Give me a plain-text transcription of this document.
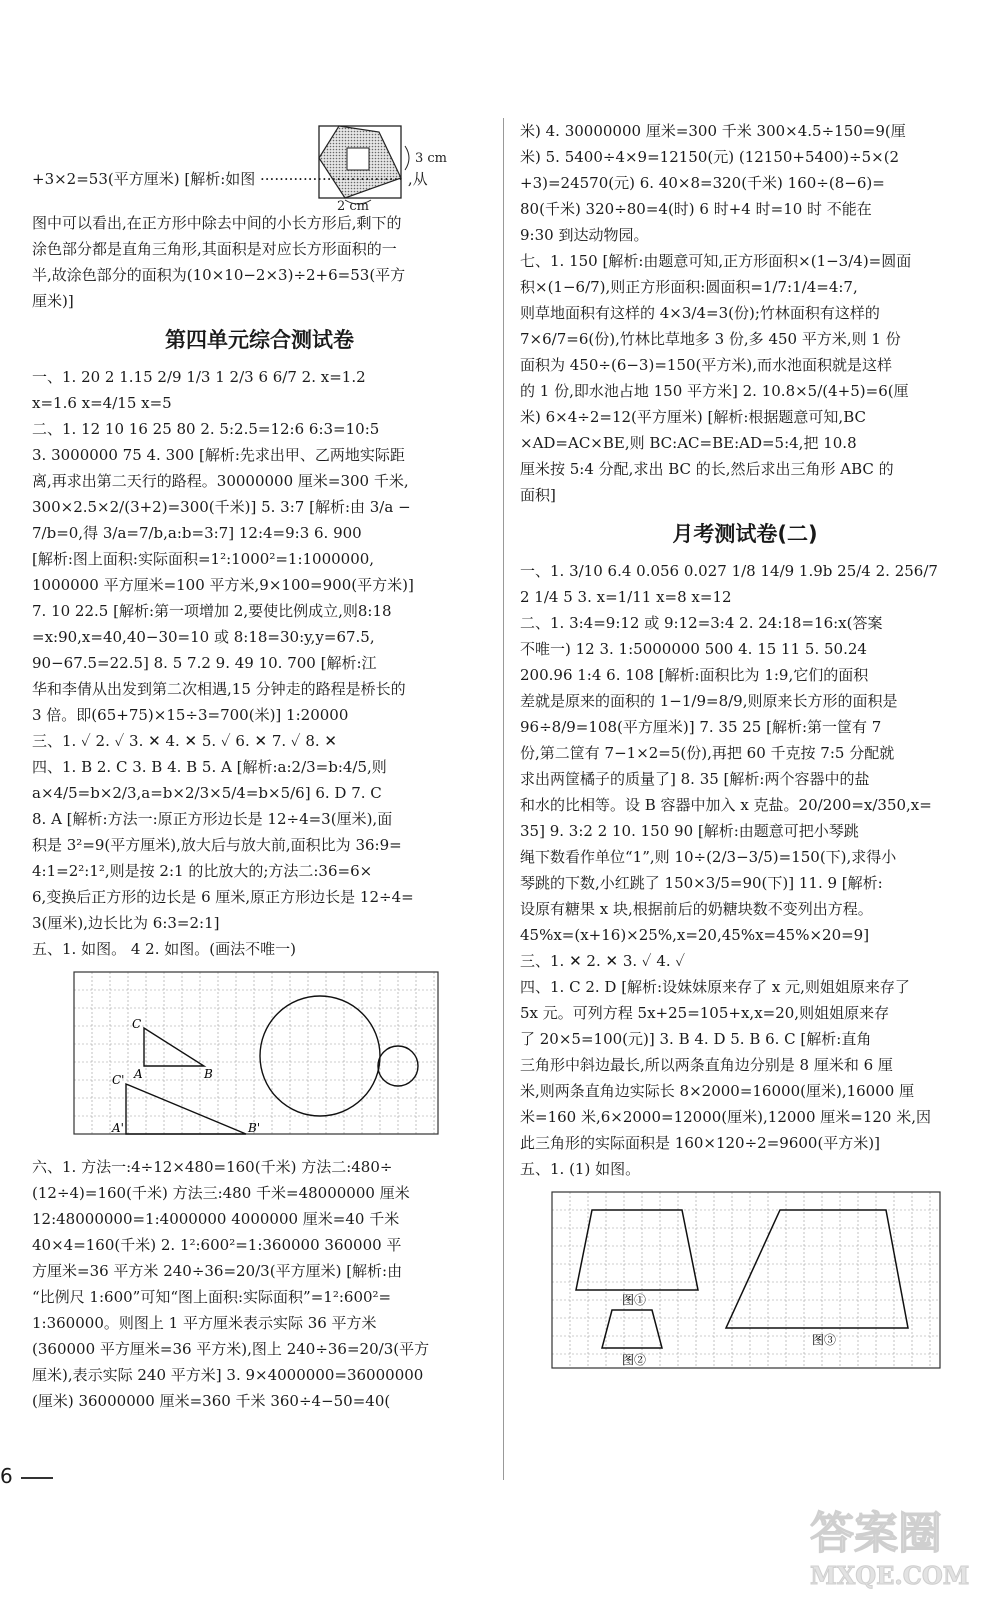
3 cm
2 cm

+3×2=53(平方厘米) [解析:如图 ······························ ,从

图中可以看出,在正方形中除去中间的小长方形后,剩下的

涂色部分都是直角三角形,其面积是对应长方形面积的一

半,故涂色部分的面积为(10×10−2×3)÷2+6=53(平方

厘米)]

第四单元综合测试卷

一、1. 20 2 1.15 2/9 1/3 1 2/3 6 6/7 2. x=1.2

x=1.6 x=4/15 x=5

二、1. 12 10 16 25 80 2. 5:2.5=12:6 6:3=10:5

3. 3000000 75 4. 300 [解析:先求出甲、乙两地实际距

离,再求出第二天行的路程。30000000 厘米=300 千米,

300×2.5×2/(3+2)=300(千米)] 5. 3:7 [解析:由 3/a −

7/b=0,得 3/a=7/b,a:b=3:7] 12:4=9:3 6. 900

[解析:图上面积:实际面积=1²:1000²=1:1000000,

1000000 平方厘米=100 平方米,9×100=900(平方米)]

7. 10 22.5 [解析:第一项增加 2,要使比例成立,则8:18

=x:90,x=40,40−30=10 或 8:18=30:y,y=67.5,

90−67.5=22.5] 8. 5 7.2 9. 49 10. 700 [解析:江

华和李倩从出发到第二次相遇,15 分钟走的路程是桥长的

3 倍。即(65+75)×15÷3=700(米)] 1:20000

三、1. ✓ 2. ✓ 3. ✕ 4. ✕ 5. ✓ 6. ✕ 7. ✓ 8. ✕

四、1. B 2. C 3. B 4. B 5. A [解析:a:2/3=b:4/5,则

a×4/5=b×2/3,a=b×2/3×5/4=b×5/6] 6. D 7. C

8. A [解析:方法一:原正方形边长是 12÷4=3(厘米),面

积是 3²=9(平方厘米),放大后与放大前,面积比为 36:9=

4:1=2²:1²,则是按 2:1 的比放大的;方法二:36=6×

6,变换后正方形的边长是 6 厘米,原正方形边长是 12÷4=

3(厘米),边长比为 6:3=2:1]

五、1. 如图。 4 2. 如图。(画法不唯一)

C
A	B
C'
A'	B'

六、1. 方法一:4÷12×480=160(千米) 方法二:480÷

(12÷4)=160(千米) 方法三:480 千米=48000000 厘米

12:48000000=1:4000000 4000000 厘米=40 千米

40×4=160(千米) 2. 1²:600²=1:360000 360000 平

方厘米=36 平方米 240÷36=20/3(平方厘米) [解析:由

“比例尺 1:600”可知“图上面积:实际面积”=1²:600²=

1:360000。则图上 1 平方厘米表示实际 36 平方米

(360000 平方厘米=36 平方米),图上 240÷36=20/3(平方

厘米),表示实际 240 平方米] 3. 9×4000000=36000000

(厘米) 36000000 厘米=360 千米 360÷4−50=40(

米) 4. 30000000 厘米=300 千米 300×4.5÷150=9(厘

米) 5. 5400÷4×9=12150(元) (12150+5400)÷5×(2

+3)=24570(元) 6. 40×8=320(千米) 160÷(8−6)=

80(千米) 320÷80=4(时) 6 时+4 时=10 时 不能在

9:30 到达动物园。

七、1. 150 [解析:由题意可知,正方形面积×(1−3/4)=圆面

积×(1−6/7),则正方形面积:圆面积=1/7:1/4=4:7,

则草地面积有这样的 4×3/4=3(份);竹林面积有这样的

7×6/7=6(份),竹林比草地多 3 份,多 450 平方米,则 1 份

面积为 450÷(6−3)=150(平方米),而水池面积就是这样

的 1 份,即水池占地 150 平方米] 2. 10.8×5/(4+5)=6(厘

米) 6×4÷2=12(平方厘米) [解析:根据题意可知,BC

×AD=AC×BE,则 BC:AC=BE:AD=5:4,把 10.8

厘米按 5:4 分配,求出 BC 的长,然后求出三角形 ABC 的

面积]

月考测试卷(二)

一、1. 3/10 6.4 0.056 0.027 1/8 14/9 1.9b 25/4 2. 256/7

2 1/4 5 3. x=1/11 x=8 x=12

二、1. 3:4=9:12 或 9:12=3:4 2. 24:18=16:x(答案

不唯一) 12 3. 1:5000000 500 4. 15 11 5. 50.24

200.96 1:4 6. 108 [解析:面积比为 1:9,它们的面积

差就是原来的面积的 1−1/9=8/9,则原来长方形的面积是

96÷8/9=108(平方厘米)] 7. 35 25 [解析:第一筐有 7

份,第二筐有 7−1×2=5(份),再把 60 千克按 7:5 分配就

求出两筐橘子的质量了] 8. 35 [解析:两个容器中的盐

和水的比相等。设 B 容器中加入 x 克盐。20/200=x/350,x=

35] 9. 3:2 2 10. 150 90 [解析:由题意可把小琴跳

绳下数看作单位“1”,则 10÷(2/3−3/5)=150(下),求得小

琴跳的下数,小红跳了 150×3/5=90(下)] 11. 9 [解析:

设原有糖果 x 块,根据前后的奶糖块数不变列出方程。

45%x=(x+16)×25%,x=20,45%x=45%×20=9]

三、1. ✕ 2. ✕ 3. ✓ 4. ✓

四、1. C 2. D [解析:设妹妹原来存了 x 元,则姐姐原来存了

5x 元。可列方程 5x+25=105+x,x=20,则姐姐原来存

了 20×5=100(元)] 3. B 4. D 5. B 6. C [解析:直角

三角形中斜边最长,所以两条直角边分别是 8 厘米和 6 厘

米,则两条直角边实际长 8×2000=16000(厘米),16000 厘

米=160 米,6×2000=12000(厘米),12000 厘米=120 米,因

此三角形的实际面积是 160×120÷2=9600(平方米)]

五、1. (1) 如图。

图①
图②
图③
6
答案圈
MXQE.COM
